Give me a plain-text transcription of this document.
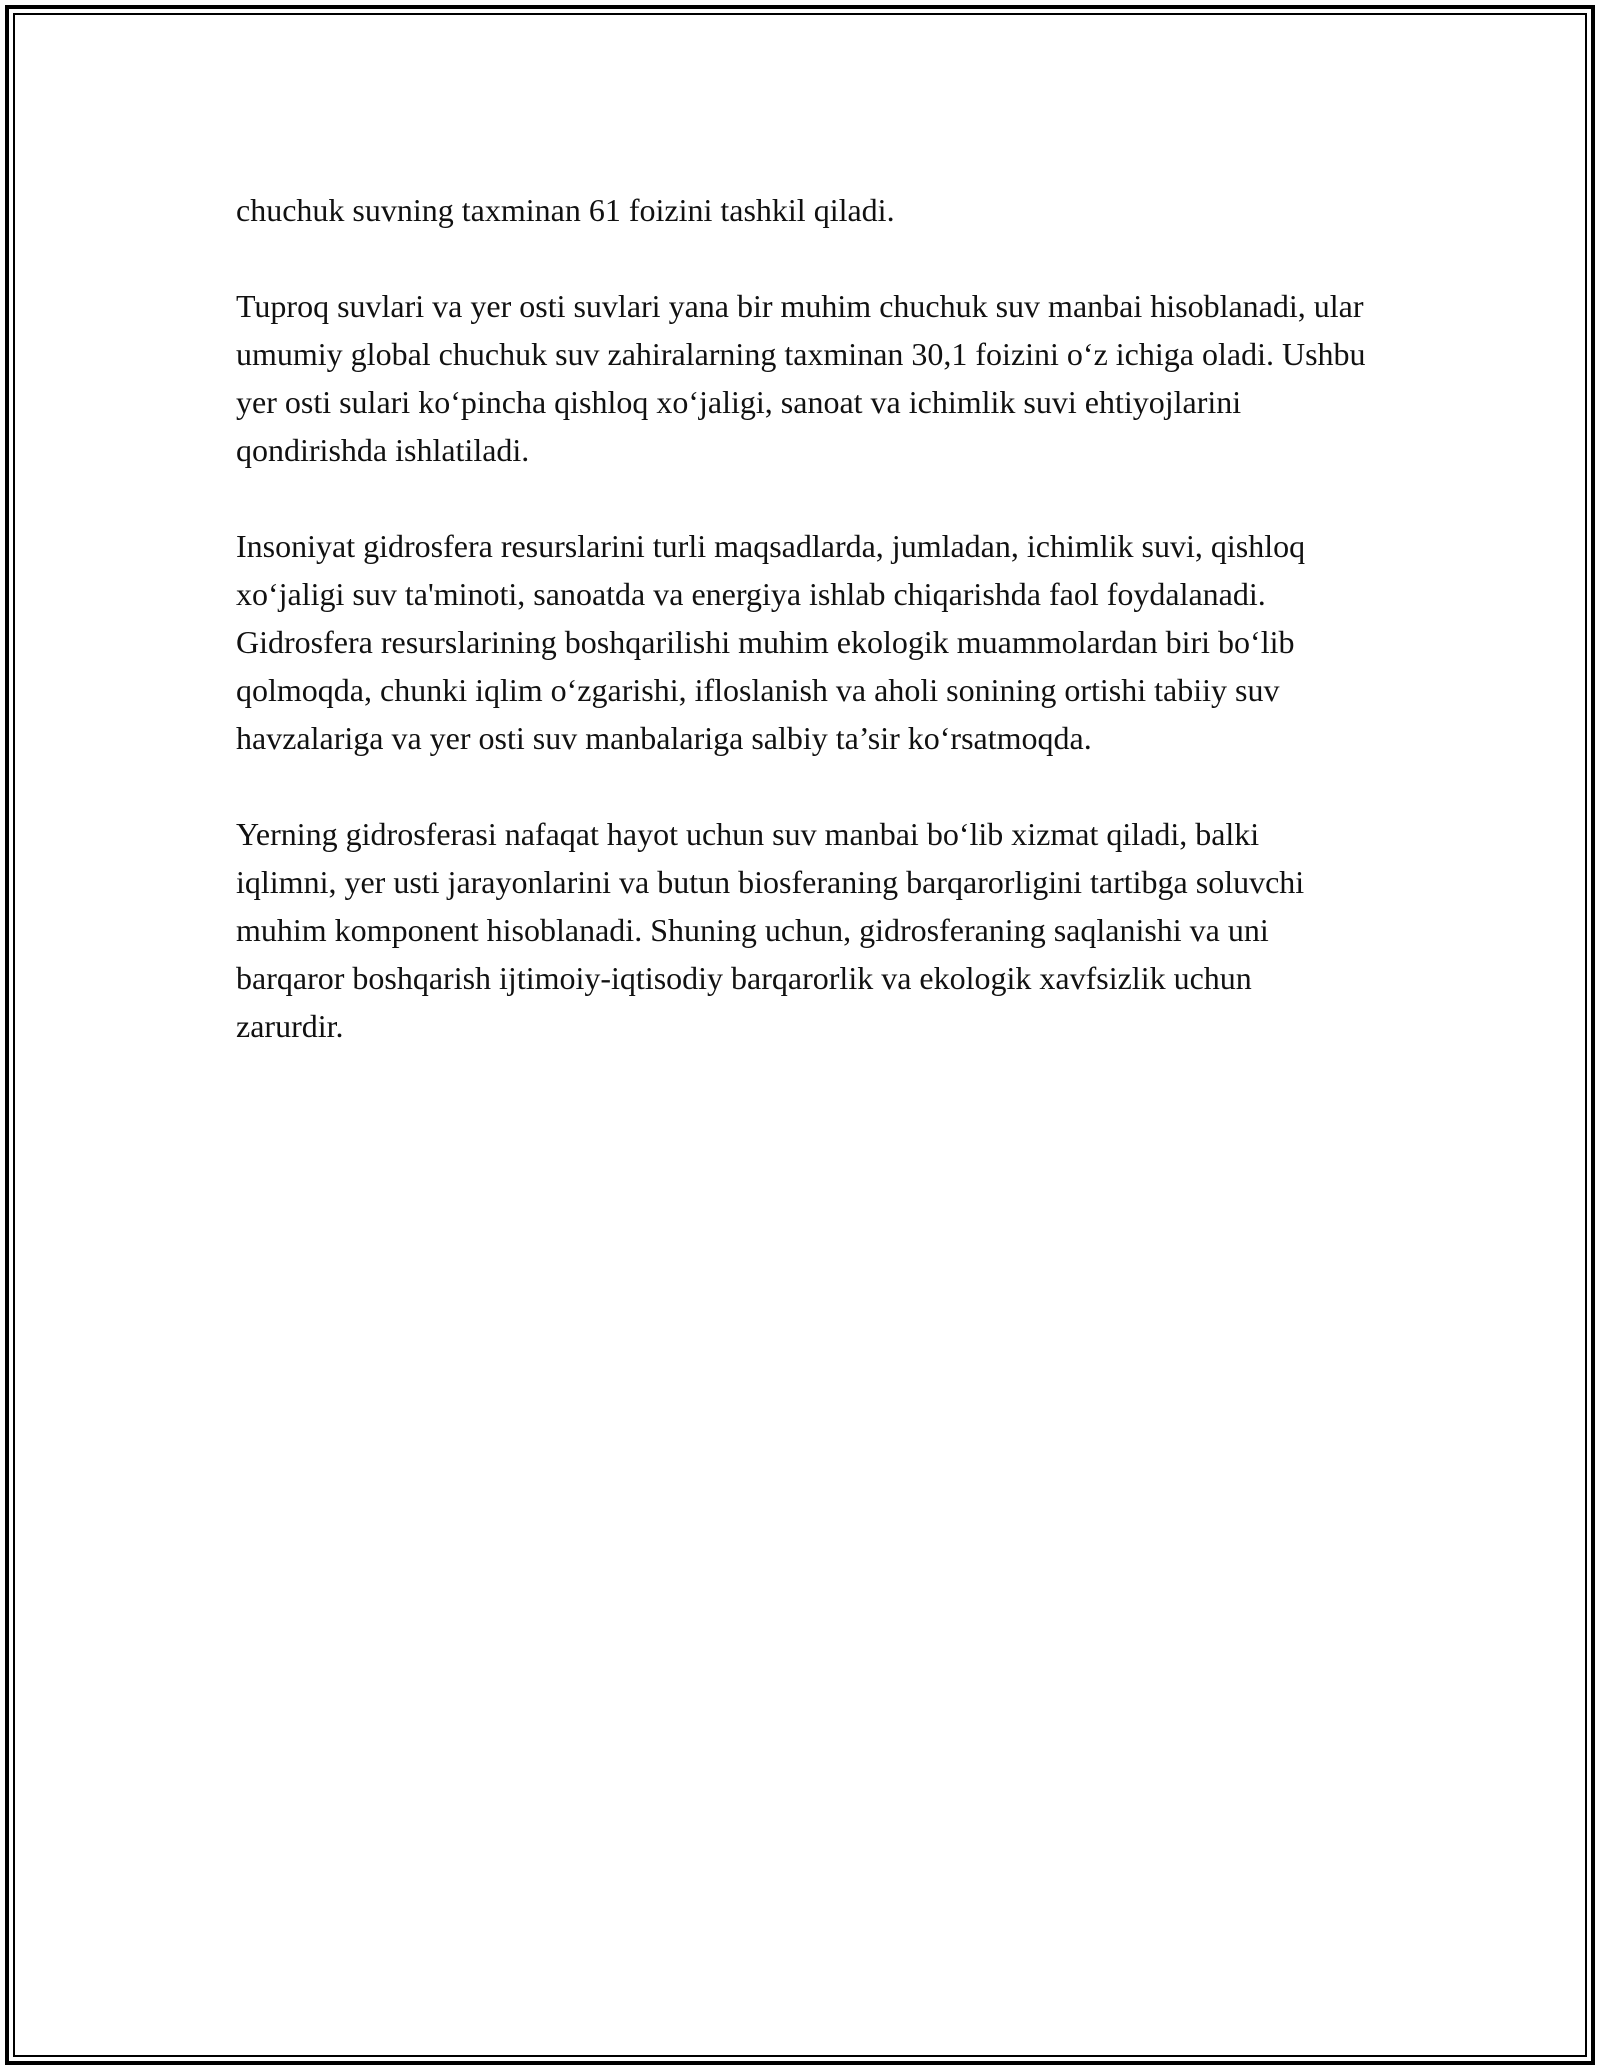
chuchuk suvning taxminan 61 foizini tashkil qiladi.

Tuproq suvlari va yer osti suvlari yana bir muhim chuchuk suv manbai hisoblanadi, ular umumiy global chuchuk suv zahiralarning taxminan 30,1 foizini o‘z ichiga oladi. Ushbu yer osti sulari ko‘pincha qishloq xo‘jaligi, sanoat va ichimlik suvi ehtiyojlarini qondirishda ishlatiladi.

Insoniyat gidrosfera resurslarini turli maqsadlarda, jumladan, ichimlik suvi, qishloq xo‘jaligi suv ta'minoti, sanoatda va energiya ishlab chiqarishda faol foydalanadi. Gidrosfera resurslarining boshqarilishi muhim ekologik muammolardan biri bo‘lib qolmoqda, chunki iqlim o‘zgarishi, ifloslanish va aholi sonining ortishi tabiiy suv havzalariga va yer osti suv manbalariga salbiy ta’sir ko‘rsatmoqda.

Yerning gidrosferasi nafaqat hayot uchun suv manbai bo‘lib xizmat qiladi, balki iqlimni, yer usti jarayonlarini va butun biosferaning barqarorligini tartibga soluvchi muhim komponent hisoblanadi. Shuning uchun, gidrosferaning saqlanishi va uni barqaror boshqarish ijtimoiy-iqtisodiy barqarorlik va ekologik xavfsizlik uchun zarurdir.
